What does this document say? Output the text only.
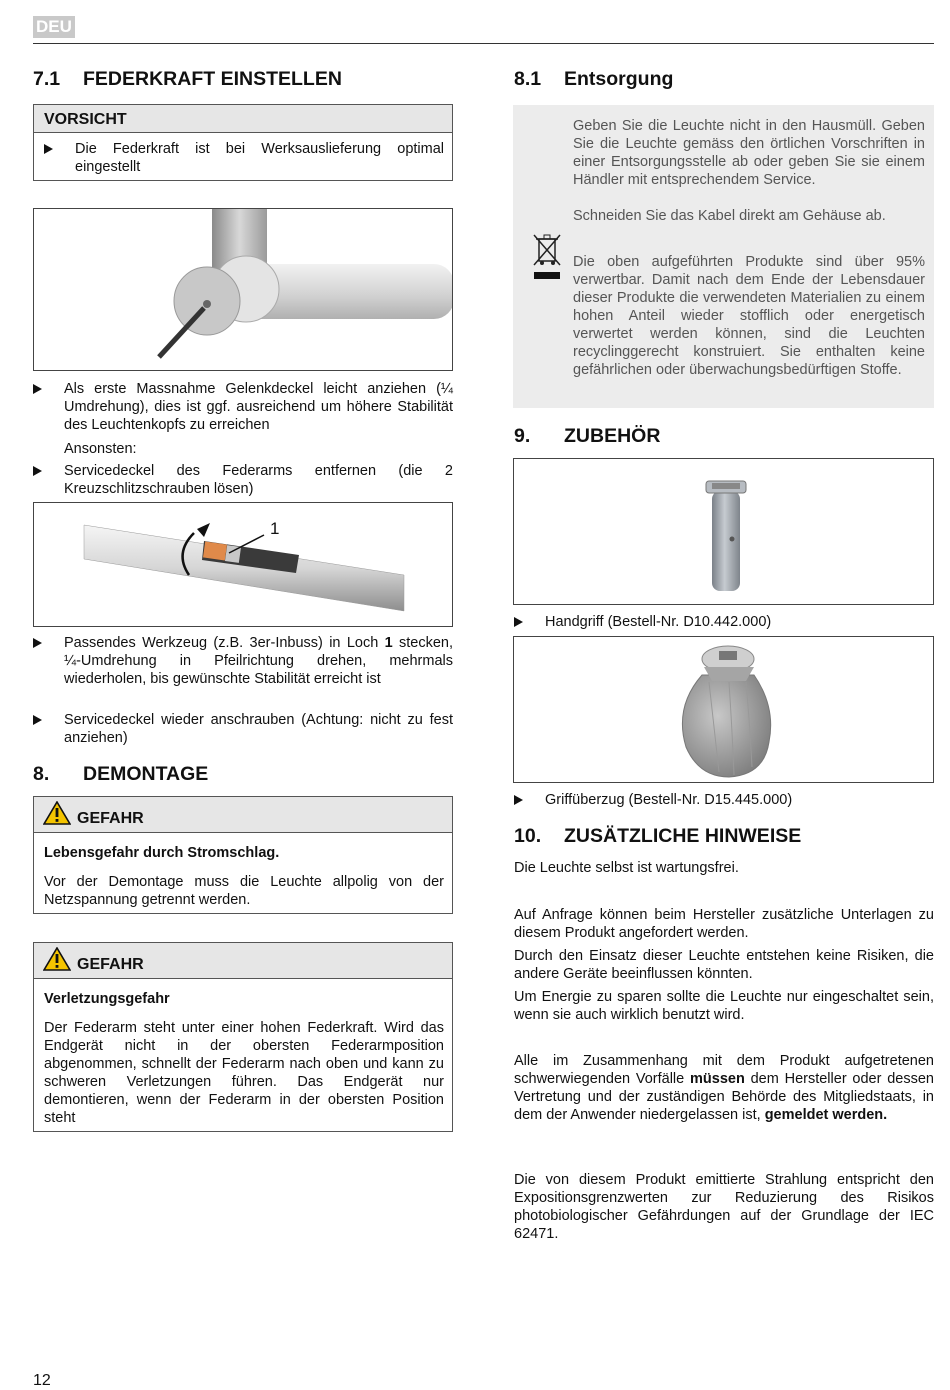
DEU
7.1 FEDERKRAFT EINSTELLEN
VORSICHT
Die Federkraft ist bei Werksauslieferung optimal eingestellt
Als erste Massnahme Gelenkdeckel leicht anziehen (¼ Umdrehung), dies ist ggf. ausreichend um höhere Stabilität des Leuchtenkopfs zu erreichen
Ansonsten:
Servicedeckel des Federarms entfernen (die 2 Kreuzschlitzschrauben lösen)
1
Passendes Werkzeug (z.B. 3er-Inbuss) in Loch 1 stecken, ¼-Umdrehung in Pfeilrichtung drehen, mehrmals wiederholen, bis gewünschte Stabilität erreicht ist
Servicedeckel wieder anschrauben (Achtung: nicht zu fest anziehen)
8. DEMONTAGE
GEFAHR
Lebensgefahr durch Stromschlag.
Vor der Demontage muss die Leuchte allpolig von der Netzspannung getrennt werden.
GEFAHR
Verletzungsgefahr
Der Federarm steht unter einer hohen Federkraft. Wird das Endgerät nicht in der obersten Federarmposition abgenommen, schnellt der Federarm nach oben und kann zu schweren Verletzungen führen. Das Endgerät nur demontieren, wenn der Federarm in der obersten Position steht
8.1 Entsorgung
Geben Sie die Leuchte nicht in den Hausmüll. Geben Sie die Leuchte gemäss den örtlichen Vorschriften in einer Entsorgungsstelle ab oder geben Sie sie einem Händler mit entsprechendem Service.
Schneiden Sie das Kabel direkt am Gehäuse ab.
Die oben aufgeführten Produkte sind über 95% verwertbar. Damit nach dem Ende der Lebensdauer dieser Produkte die verwendeten Materialien zu einem hohen Anteil wieder stofflich oder energetisch verwertet werden können, sind die Leuchten recyclinggerecht konstruiert. Sie enthalten keine gefährlichen oder überwachungsbedürftigen Stoffe.
9. ZUBEHÖR
Handgriff (Bestell-Nr. D10.442.000)
Griffüberzug (Bestell-Nr. D15.445.000)
10. ZUSÄTZLICHE HINWEISE
Die Leuchte selbst ist wartungsfrei.
Auf Anfrage können beim Hersteller zusätzliche Unterlagen zu diesem Produkt angefordert werden.
Durch den Einsatz dieser Leuchte entstehen keine Risiken, die andere Geräte beeinflussen könnten.
Um Energie zu sparen sollte die Leuchte nur eingeschaltet sein, wenn sie auch wirklich benutzt wird.
Alle im Zusammenhang mit dem Produkt aufgetretenen schwerwiegenden Vorfälle müssen dem Hersteller oder dessen Vertretung und der zuständigen Behörde des Mitgliedstaats, in dem der Anwender niedergelassen ist, gemeldet werden.
Die von diesem Produkt emittierte Strahlung entspricht den Expositionsgrenzwerten zur Reduzierung des Risikos photobiologischer Gefährdungen auf der Grundlage der IEC 62471.
12
